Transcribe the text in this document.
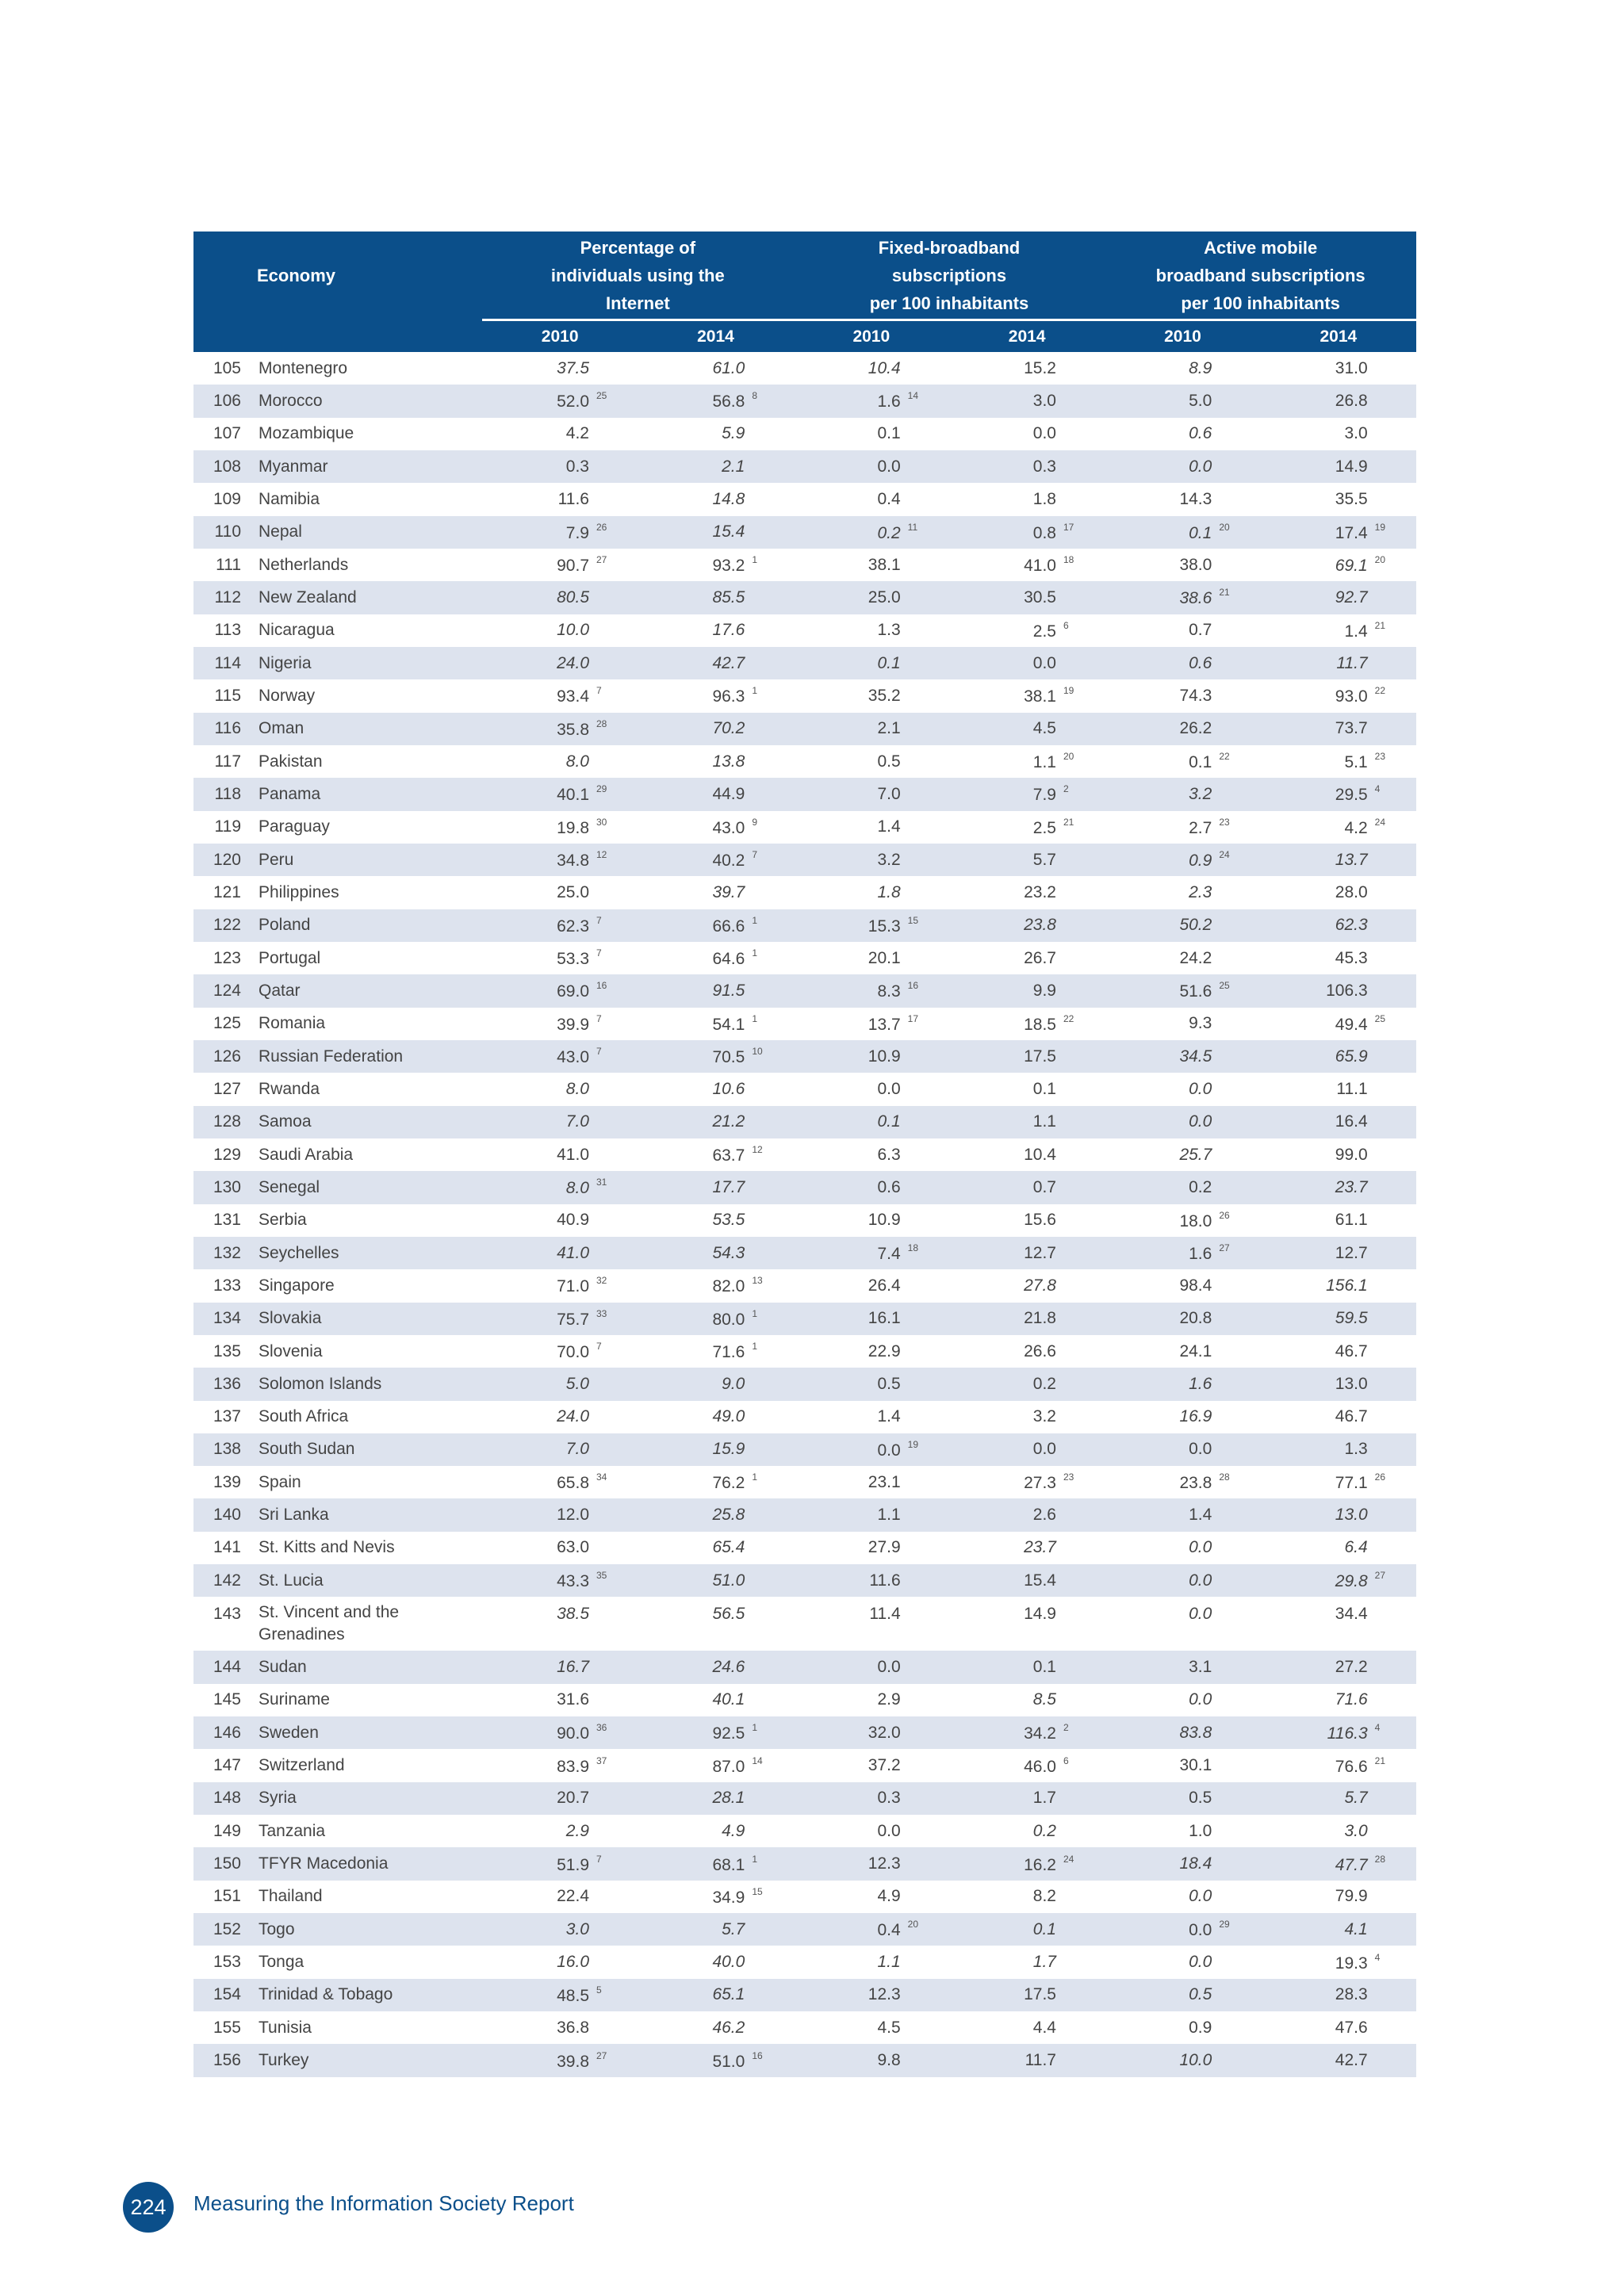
Economy		Percentage of individuals using the Internet		Fixed-broadband
subscriptions
per 100 inhabitants		Active mobile
broadband subscriptions
per 100 inhabitants	
		2010	2014	2010	2014	2010	2014
105	Montenegro	37.5	61.0	10.4	15.2	8.9	31.0
106	Morocco	52.0 $^{25}$	56.8 $^8$	1.6 $^{14}$	3.0	5.0	26.8
107	Mozambique	4.2	5.9	0.1	0.0	0.6	3.0
108	Myanmar	0.3	2.1	0.0	0.3	0.0	14.9
109	Namibia	11.6	14.8	0.4	1.8	14.3	35.5
110	Nepal	7.9 $^{26}$	15.4	0.2 $^{11}$	0.8 $^{17}$	0.1 $^{20}$	17.4 $^{19}$
111	Netherlands	90.7 $^{27}$	93.2 $^1$	38.1	41.0 $^{18}$	38.0	69.1 $^{20}$
112	New Zealand	80.5	85.5	25.0	30.5	38.6 $^{21}$	92.7
113	Nicaragua	10.0	17.6	1.3	2.5 $^6$	0.7	1.4 $^{21}$
114	Nigeria	24.0	42.7	0.1	0.0	0.6	11.7
115	Norway	93.4 $^7$	96.3 $^1$	35.2	38.1 $^{19}$	74.3	93.0 $^{22}$
116	Oman	35.8 $^{28}$	70.2	2.1	4.5	26.2	73.7
117	Pakistan	8.0	13.8	0.5	1.1 $^{20}$	0.1 $^{22}$	5.1 $^{23}$
118	Panama	40.1 $^{29}$	44.9	7.0	7.9 $^2$	3.2	29.5 $^4$
119	Paraguay	19.8 $^{30}$	43.0 $^9$	1.4	2.5 $^{21}$	2.7 $^{23}$	4.2 $^{24}$
120	Peru	34.8 $^{12}$	40.2 $^7$	3.2	5.7	0.9 $^{24}$	13.7
121	Philippines	25.0	39.7	1.8	23.2	2.3	28.0
122	Poland	62.3 $^7$	66.6 $^1$	15.3 $^{15}$	23.8	50.2	62.3
123	Portugal	53.3 $^7$	64.6 $^1$	20.1	26.7	24.2	45.3
124	Qatar	69.0 $^{16}$	91.5	8.3 $^{16}$	9.9	51.6 $^{25}$	106.3
125	Romania	39.9 $^7$	54.1 $^1$	13.7 $^{17}$	18.5 $^{22}$	9.3	49.4 $^{25}$
126	Russian Federation	43.0 $^7$	70.5 $^{10}$	10.9	17.5	34.5	65.9
127	Rwanda	8.0	10.6	0.0	0.1	0.0	11.1
128	Samoa	7.0	21.2	0.1	1.1	0.0	16.4
129	Saudi Arabia	41.0	63.7 $^{12}$	6.3	10.4	25.7	99.0
130	Senegal	8.0 $^{31}$	17.7	0.6	0.7	0.2	23.7
131	Serbia	40.9	53.5	10.9	15.6	18.0 $^{26}$	61.1
132	Seychelles	41.0	54.3	7.4 $^{18}$	12.7	1.6 $^{27}$	12.7
133	Singapore	71.0 $^{32}$	82.0 $^{13}$	26.4	27.8	98.4	156.1
134	Slovakia	75.7 $^{33}$	80.0 $^1$	16.1	21.8	20.8	59.5
135	Slovenia	70.0 $^7$	71.6 $^1$	22.9	26.6	24.1	46.7
136	Solomon Islands	5.0	9.0	0.5	0.2	1.6	13.0
137	South Africa	24.0	49.0	1.4	3.2	16.9	46.7
138	South Sudan	7.0	15.9	0.0 $^{19}$	0.0	0.0	1.3
139	Spain	65.8 $^{34}$	76.2 $^1$	23.1	27.3 $^{23}$	23.8 $^{28}$	77.1 $^{26}$
140	Sri Lanka	12.0	25.8	1.1	2.6	1.4	13.0
141	St. Kitts and Nevis	63.0	65.4	27.9	23.7	0.0	6.4
142	St. Lucia	43.3 $^{35}$	51.0	11.6	15.4	0.0	29.8 $^{27}$
143	St. Vincent and the Grenadines	38.5	56.5	11.4	14.9	0.0	34.4
144	Sudan	16.7	24.6	0.0	0.1	3.1	27.2
145	Suriname	31.6	40.1	2.9	8.5	0.0	71.6
146	Sweden	90.0 $^{36}$	92.5 $^1$	32.0	34.2 $^2$	83.8	116.3 $^4$
147	Switzerland	83.9 $^{37}$	87.0 $^{14}$	37.2	46.0 $^6$	30.1	76.6 $^{21}$
148	Syria	20.7	28.1	0.3	1.7	0.5	5.7
149	Tanzania	2.9	4.9	0.0	0.2	1.0	3.0
150	TFYR Macedonia	51.9 $^7$	68.1 $^1$	12.3	16.2 $^{24}$	18.4	47.7 $^{28}$
151	Thailand	22.4	34.9 $^{15}$	4.9	8.2	0.0	79.9
152	Togo	3.0	5.7	0.4 $^{20}$	0.1	0.0 $^{29}$	4.1
153	Tonga	16.0	40.0	1.1	1.7	0.0	19.3 $^4$
154	Trinidad & Tobago	48.5 $^5$	65.1	12.3	17.5	0.5	28.3
155	Tunisia	36.8	46.2	4.5	4.4	0.9	47.6
156	Turkey	39.8 $^{27}$	51.0 $^{16}$	9.8	11.7	10.0	42.7
224	Measuring the Information Society Report
